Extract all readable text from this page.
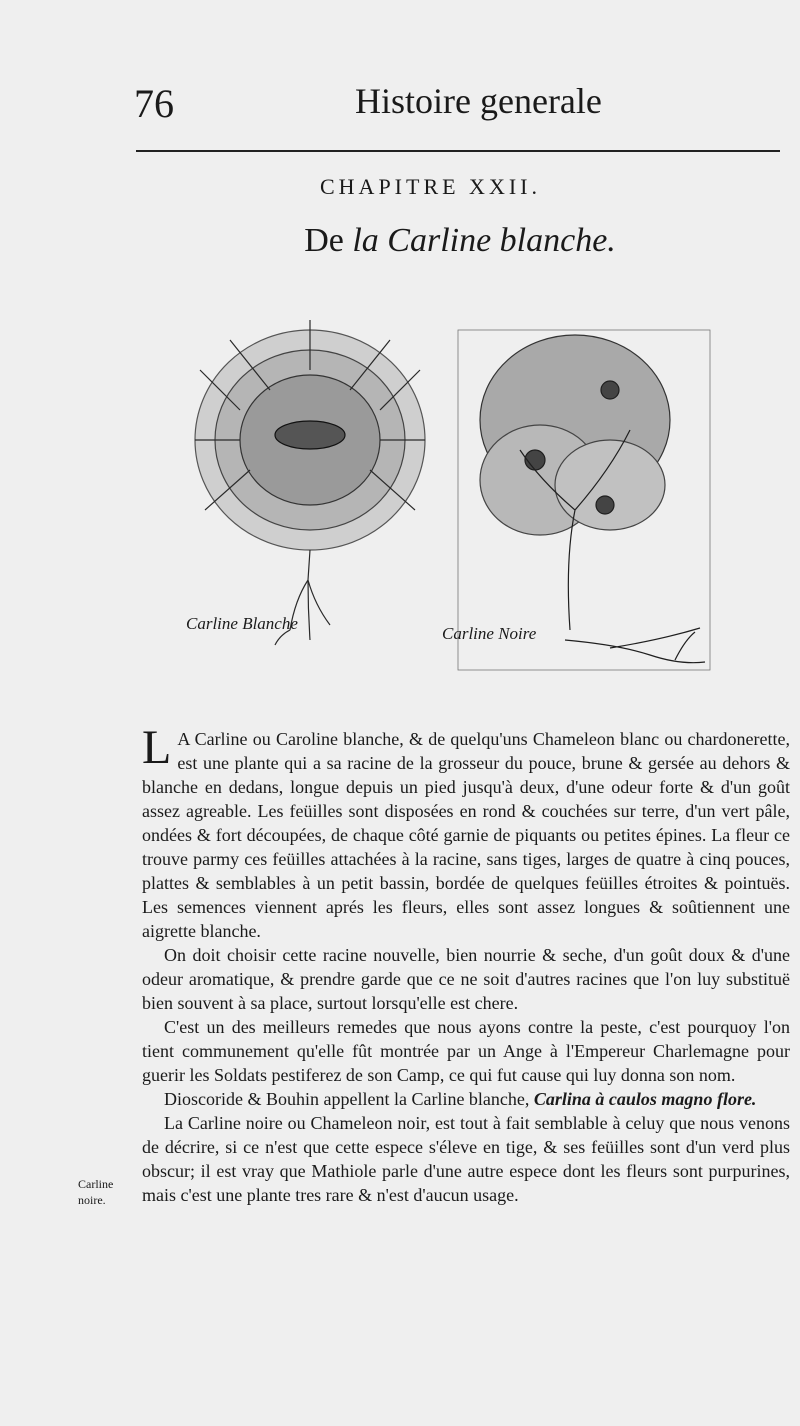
76	Histoire generale
CHAPITRE XXII.
De la Carline blanche.
Carline Blanche
Carline Noire

L A Carline ou Caroline blanche, & de quelqu'uns Chameleon blanc ou chardonerette, est une plante qui a sa racine de la grosseur du pouce, brune & gersée au dehors & blanche en dedans, longue depuis un pied jusqu'à deux, d'une odeur forte & d'un goût assez agreable. Les feüilles sont disposées en rond & couchées sur terre, d'un vert pâle, ondées & fort découpées, de chaque côté garnie de piquants ou petites épines. La fleur ce trouve parmy ces feüilles attachées à la racine, sans tiges, larges de quatre à cinq pouces, plattes & semblables à un petit bassin, bordée de quelques feüilles étroites & pointuës. Les semences viennent aprés les fleurs, elles sont assez longues & soûtiennent une aigrette blanche.

On doit choisir cette racine nouvelle, bien nourrie & seche, d'un goût doux & d'une odeur aromatique, & prendre garde que ce ne soit d'autres racines que l'on luy substituë bien souvent à sa place, surtout lorsqu'elle est chere.

C'est un des meilleurs remedes que nous ayons contre la peste, c'est pourquoy l'on tient communement qu'elle fût montrée par un Ange à l'Empereur Charlemagne pour guerir les Soldats pestiferez de son Camp, ce qui fut cause qui luy donna son nom.

Dioscoride & Bouhin appellent la Carline blanche, Carlina à caulos magno flore.

La Carline noire ou Chameleon noir, est tout à fait semblable à celuy que nous venons de décrire, si ce n'est que cette espece s'éleve en tige, & ses feüilles sont d'un verd plus obscur; il est vray que Mathiole parle d'une autre espece dont les fleurs sont purpurines, mais c'est une plante tres rare & n'est d'aucun usage.

Carline
noire.
